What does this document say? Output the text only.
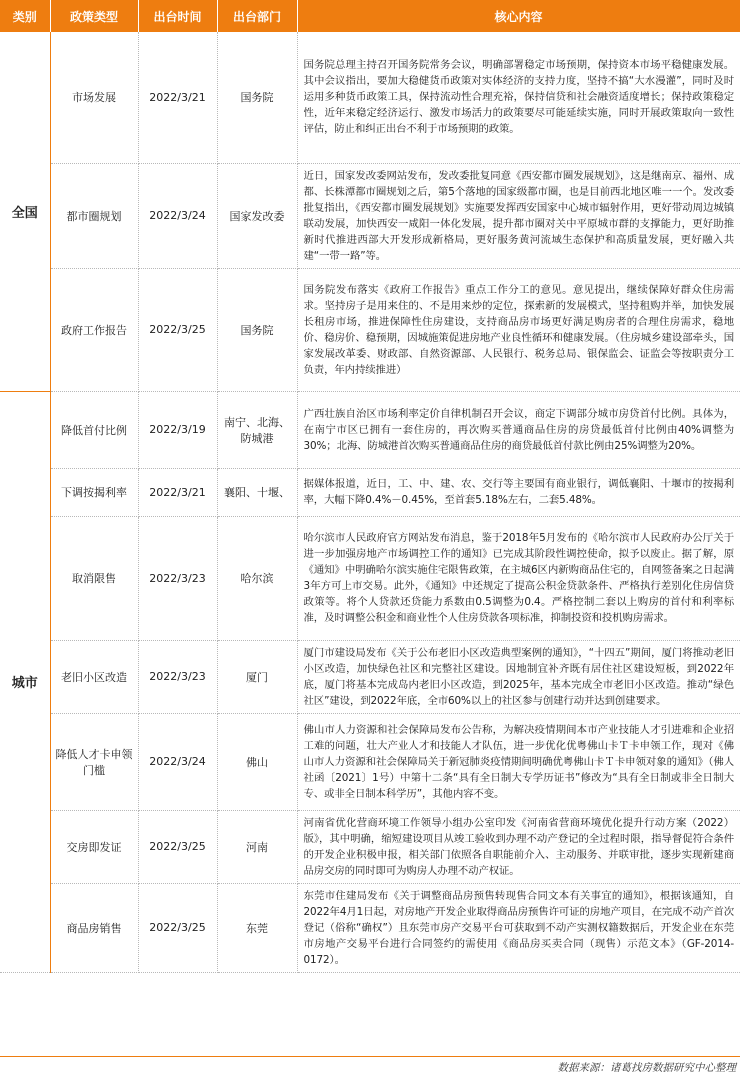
类别	政策类型	出台时间	出台部门	核心内容
全国	市场发展	2022/3/21	国务院	国务院总理主持召开国务院常务会议，明确部署稳定市场预期，保持资本市场平稳健康发展。其中会议指出，要加大稳健货币政策对实体经济的支持力度，坚持不搞“大水漫灌”，同时及时运用多种货币政策工具，保持流动性合理充裕，保持信贷和社会融资适度增长；保持政策稳定性，近年来稳定经济运行、激发市场活力的政策要尽可能延续实施，同时开展政策取向一致性评估，防止和纠正出台不利于市场预期的政策。
	都市圈规划	2022/3/24	国家发改委	近日，国家发改委网站发布，发改委批复同意《西安都市圈发展规划》，这是继南京、福州、成都、长株潭都市圈规划之后，第5个落地的国家级都市圈，也是目前西北地区唯一一个。发改委批复指出，《西安都市圈发展规划》实施要发挥西安国家中心城市辐射作用，更好带动周边城镇联动发展，加快西安一咸阳一体化发展，提升都市圈对关中平原城市群的支撑能力，更好助推新时代推进西部大开发形成新格局，更好服务黄河流域生态保护和高质量发展，更好融入共建“一带一路”等。
	政府工作报告	2022/3/25	国务院	国务院发布落实《政府工作报告》重点工作分工的意见。意见提出，继续保障好群众住房需求。坚持房子是用来住的、不是用来炒的定位，探索新的发展模式，坚持租购并举，加快发展长租房市场，推进保障性住房建设，支持商品房市场更好满足购房者的合理住房需求，稳地价、稳房价、稳预期，因城施策促进房地产业良性循环和健康发展。（住房城乡建设部牵头，国家发展改革委、财政部、自然资源部、人民银行、税务总局、银保监会、证监会等按职责分工负责，年内持续推进）
城市	降低首付比例	2022/3/19	南宁、北海、防城港	广西壮族自治区市场利率定价自律机制召开会议，商定下调部分城市房贷首付比例。具体为，在南宁市区已拥有一套住房的，再次购买普通商品住房的房贷最低首付比例由40%调整为30%；北海、防城港首次购买普通商品住房的商贷最低首付款比例由25%调整为20%。
	下调按揭利率	2022/3/21	襄阳、十堰、	据媒体报道，近日，工、中、建、农、交行等主要国有商业银行，调低襄阳、十堰市的按揭利率，大幅下降0.4%－0.45%，至首套5.18%左右，二套5.48%。
	取消限售	2022/3/23	哈尔滨	哈尔滨市人民政府官方网站发布消息，鉴于2018年5月发布的《哈尔滨市人民政府办公厅关于进一步加强房地产市场调控工作的通知》已完成其阶段性调控使命，拟予以废止。据了解，原《通知》中明确哈尔滨实施住宅限售政策，在主城6区内新购商品住宅的，自网签备案之日起满3年方可上市交易。此外，《通知》中还规定了提高公积金贷款条件、严格执行差别化住房信贷政策等。将个人贷款还贷能力系数由0.5调整为0.4。严格控制二套以上购房的首付和利率标准，及时调整公积金和商业性个人住房贷款各项标准，抑制投资和投机购房需求。
	老旧小区改造	2022/3/23	厦门	厦门市建设局发布《关于公布老旧小区改造典型案例的通知》，“十四五”期间，厦门将推动老旧小区改造，加快绿色社区和完整社区建设。因地制宜补齐既有居住社区建设短板，到2022年底，厦门将基本完成岛内老旧小区改造，到2025年，基本完成全市老旧小区改造。推动“绿色社区”建设，到2022年底，全市60%以上的社区参与创建行动并达到创建要求。
	降低人才卡申领门槛	2022/3/24	佛山	佛山市人力资源和社会保障局发布公告称，为解决疫情期间本市产业技能人才引进难和企业招工难的问题，壮大产业人才和技能人才队伍，进一步优化优粤佛山卡Ｔ卡申领工作，现对《佛山市人力资源和社会保障局关于新冠肺炎疫情期间明确优粤佛山卡Ｔ卡申领对象的通知》（佛人社函〔2021〕1号）中第十二条“具有全日制大专学历证书”修改为“具有全日制或非全日制大专、或非全日制本科学历”，其他内容不变。
	交房即发证	2022/3/25	河南	河南省优化营商环境工作领导小组办公室印发《河南省营商环境优化提升行动方案（2022）版》，其中明确，缩短建设项目从竣工验收到办理不动产登记的全过程时限，指导督促符合条件的开发企业积极申报，相关部门依照各自职能前介入、主动服务、并联审批，逐步实现新建商品房交房的同时即可为购房人办理不动产权证。
	商品房销售	2022/3/25	东莞	东莞市住建局发布《关于调整商品房预售转现售合同文本有关事宜的通知》，根据该通知，自2022年4月1日起，对房地产开发企业取得商品房预售许可证的房地产项目，在完成不动产首次登记（俗称“确权”）且东莞市房产交易平台可获取到不动产实测权籍数据后，开发企业在东莞市房地产交易平台进行合同签约的需使用《商品房买卖合同（现售）示范文本》（GF-2014-0172）。
数据来源：诸葛找房数据研究中心整理
